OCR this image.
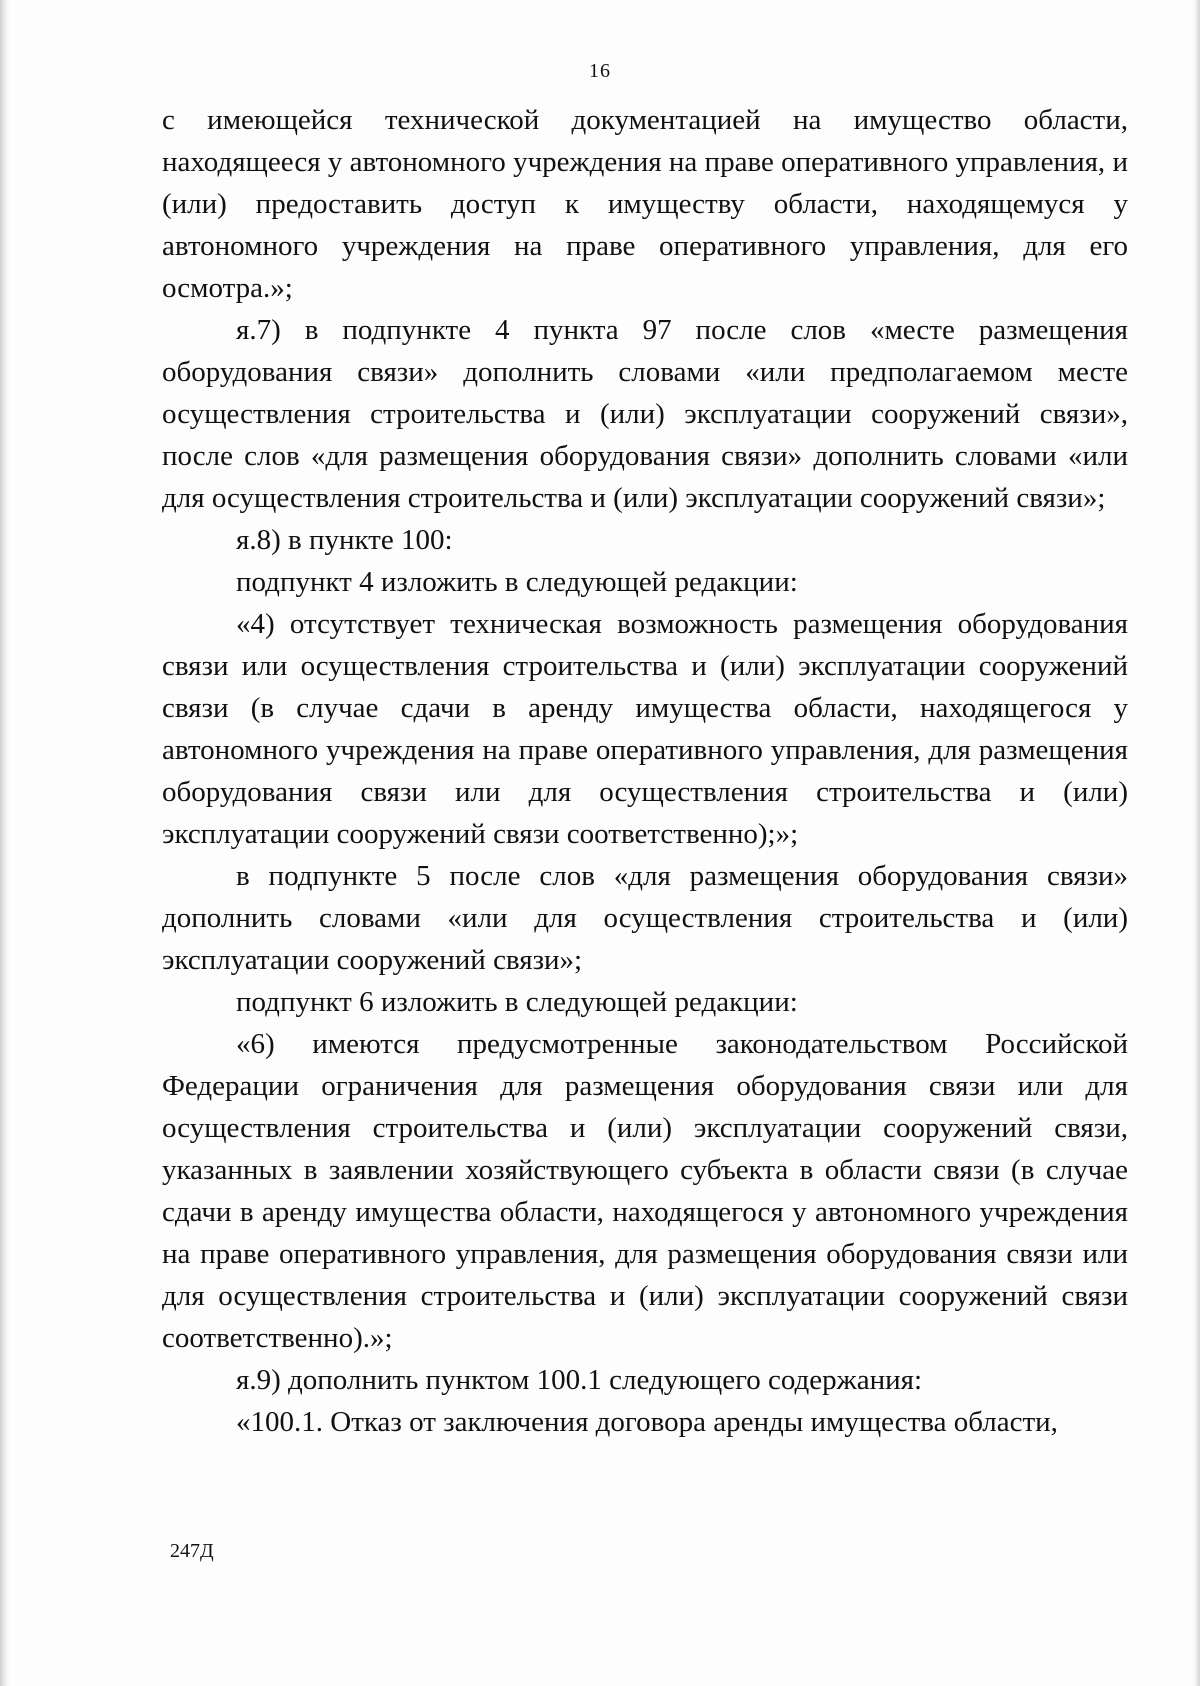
16

с имеющейся технической документацией на имущество области, находящееся у автономного учреждения на праве оперативного управления, и (или) предоставить доступ к имуществу области, находящемуся у автономного учреждения на праве оперативного управления, для его осмотра.»;

я.7) в подпункте 4 пункта 97 после слов «месте размещения оборудования связи» дополнить словами «или предполагаемом месте осуществления строительства и (или) эксплуатации сооружений связи», после слов «для размещения оборудования связи» дополнить словами «или для осуществления строительства и (или) эксплуатации сооружений связи»;

я.8) в пункте 100:

подпункт 4 изложить в следующей редакции:

«4) отсутствует техническая возможность размещения оборудования связи или осуществления строительства и (или) эксплуатации сооружений связи (в случае сдачи в аренду имущества области, находящегося у автономного учреждения на праве оперативного управления, для размещения оборудования связи или для осуществления строительства и (или) эксплуатации сооружений связи соответственно);»;

в подпункте 5 после слов «для размещения оборудования связи» дополнить словами «или для осуществления строительства и (или) эксплуатации сооружений связи»;

подпункт 6 изложить в следующей редакции:

«6) имеются предусмотренные законодательством Российской Федерации ограничения для размещения оборудования связи или для осуществления строительства и (или) эксплуатации сооружений связи, указанных в заявлении хозяйствующего субъекта в области связи (в случае сдачи в аренду имущества области, находящегося у автономного учреждения на праве оперативного управления, для размещения оборудования связи или для осуществления строительства и (или) эксплуатации сооружений связи соответственно).»;

я.9) дополнить пунктом 100.1 следующего содержания:

«100.1. Отказ от заключения договора аренды имущества области,

247Д
